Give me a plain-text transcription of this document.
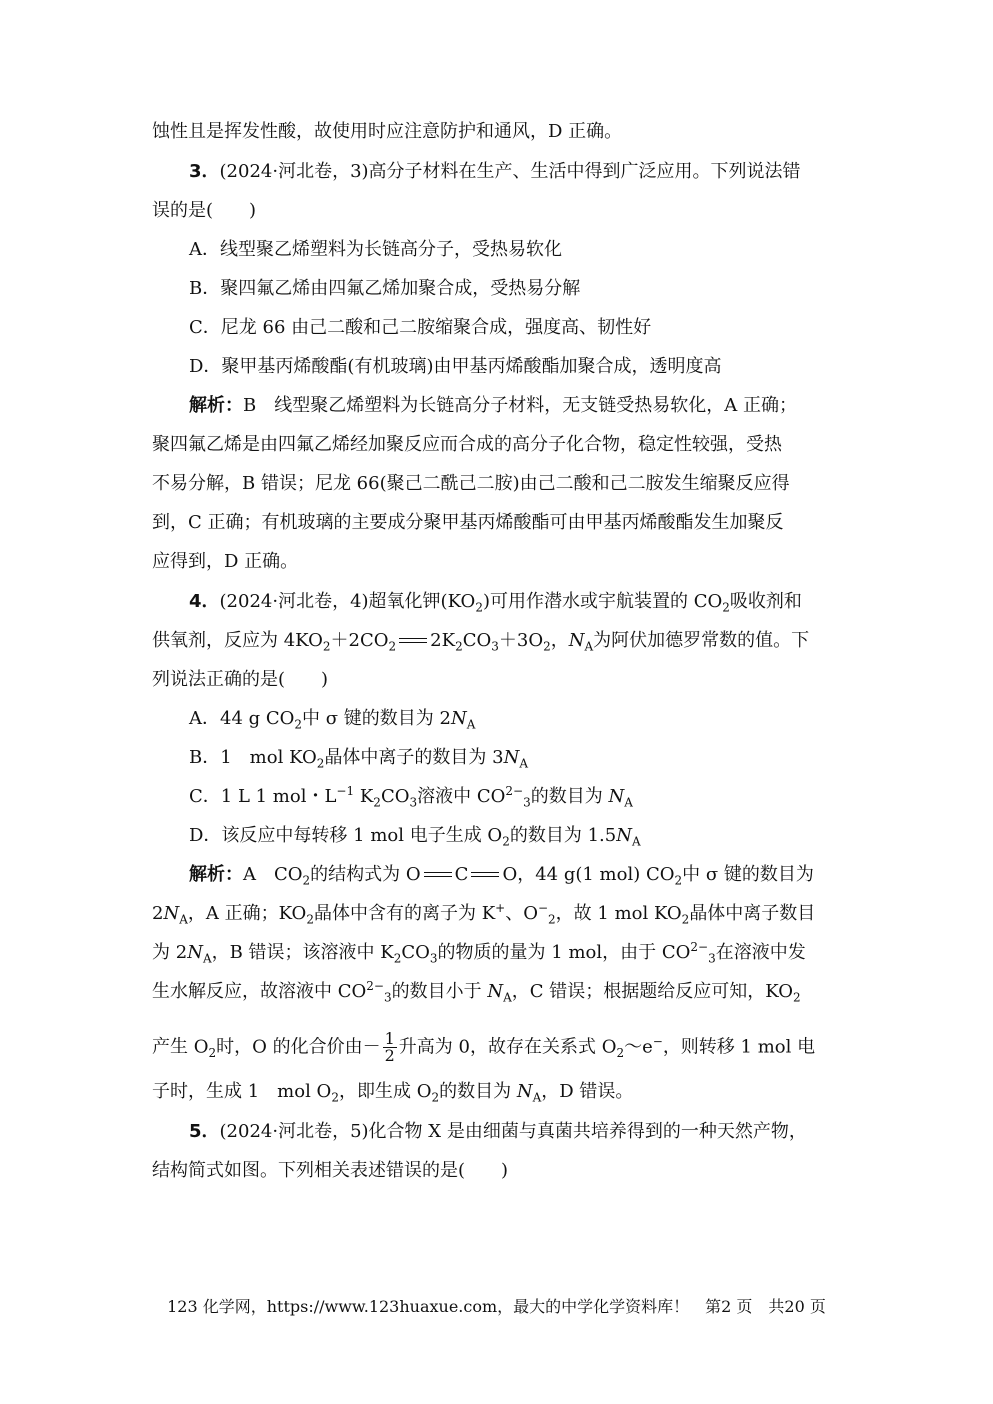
蚀性且是挥发性酸，故使用时应注意防护和通风，D 正确。
3．(2024·河北卷，3)高分子材料在生产、生活中得到广泛应用。下列说法错
误的是(　　)
A．线型聚乙烯塑料为长链高分子，受热易软化
B．聚四氟乙烯由四氟乙烯加聚合成，受热易分解
C．尼龙 66 由己二酸和己二胺缩聚合成，强度高、韧性好
D．聚甲基丙烯酸酯(有机玻璃)由甲基丙烯酸酯加聚合成，透明度高
解析：B　线型聚乙烯塑料为长链高分子材料，无支链受热易软化，A 正确；
聚四氟乙烯是由四氟乙烯经加聚反应而合成的高分子化合物，稳定性较强，受热
不易分解，B 错误；尼龙 66(聚己二酰己二胺)由己二酸和己二胺发生缩聚反应得
到，C 正确；有机玻璃的主要成分聚甲基丙烯酸酯可由甲基丙烯酸酯发生加聚反
应得到，D 正确。
4．(2024·河北卷，4)超氧化钾$(KO_2)$可用作潜水或宇航装置的 $CO_2$吸收剂和
供氧剂，反应为 $4KO_2+2CO_2$ $2K_2CO_3+3O_2$，$N_A$为阿伏加德罗常数的值。下
列说法正确的是(　　)
A．44 g $CO_2$中 σ 键的数目为 $2N_A$
B．1　mol $KO_2$晶体中离子的数目为 $3N_A$
C．1 L 1 mol・$L^{-1}$ $K_2CO_3$溶液中 $CO^{2-}_3$的数目为 $N_A$
D．该反应中每转移 1 mol 电子生成 $O_2$的数目为 $1.5N_A$
解析：A　$CO_2$的结构式为 O C O，44 g(1 mol) $CO_2$中 σ 键的数目为
$2N_A$，A 正确；$KO_2$晶体中含有的离子为 K+、$O^-_2$，故 1 mol $KO_2$晶体中离子数目
为 $2N_A$，B 错误；该溶液中 $K_2CO_3$的物质的量为 1 mol，由于 $CO^{2-}_3$在溶液中发
生水解反应，故溶液中 $CO^{2-}_3$的数目小于 $N_A$，C 错误；根据题给反应可知，$KO_2$
产生 $O_2$时，O 的化合价由－ $\frac{1}{2}$ 升高为 0，故存在关系式 $O_2\sim e^-$，则转移 1 mol 电
子时，生成 1　mol $O_2$，即生成 $O_2$的数目为 $N_A$，D 错误。
5．(2024·河北卷，5)化合物 X 是由细菌与真菌共培养得到的一种天然产物，
结构简式如图。下列相关表述错误的是(　　)
123 化学网，https://www.123huaxue.com，最大的中学化学资料库！　第2 页　共20 页
